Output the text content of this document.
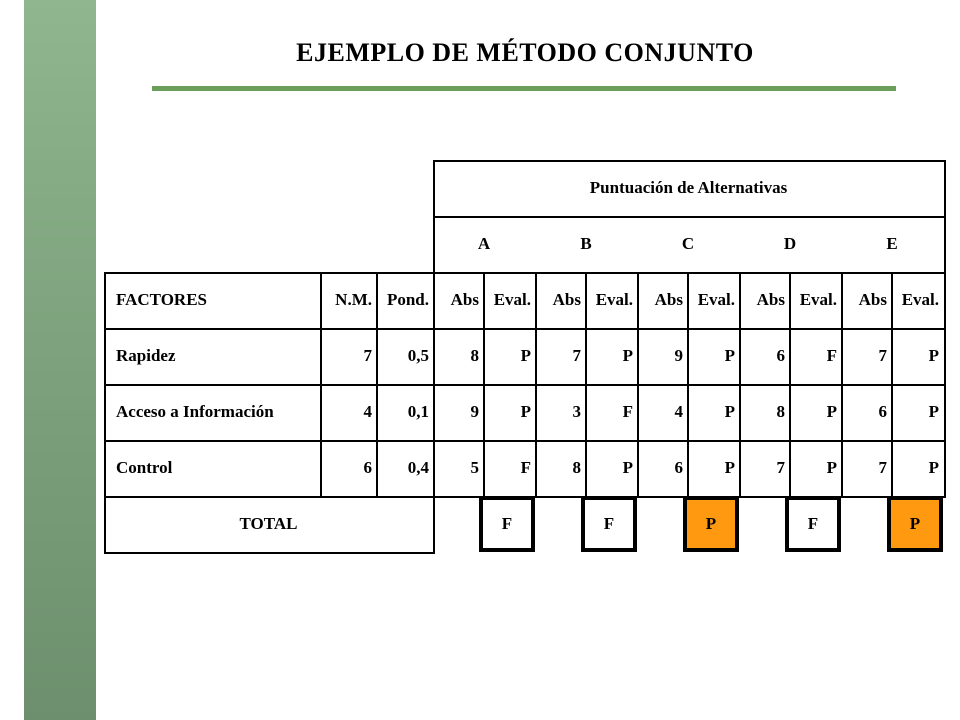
EJEMPLO DE MÉTODO CONJUNTO
Puntuación de Alternativas
A	B	C	D	E
FACTORES	N.M. Pond.	Abs Eval.	Abs Eval.	Abs Eval.	Abs Eval.	Abs Eval.
Rapidez	7	0,5	8	P	7	P	9	P	6	F	7	P
Acceso a Información	4	0,1	9	P	3	F	4	P	8	P	6	P
Control	6	0,4	5	F	8	P	6	P	7	P	7	P
TOTAL	F	F	P	F	P
